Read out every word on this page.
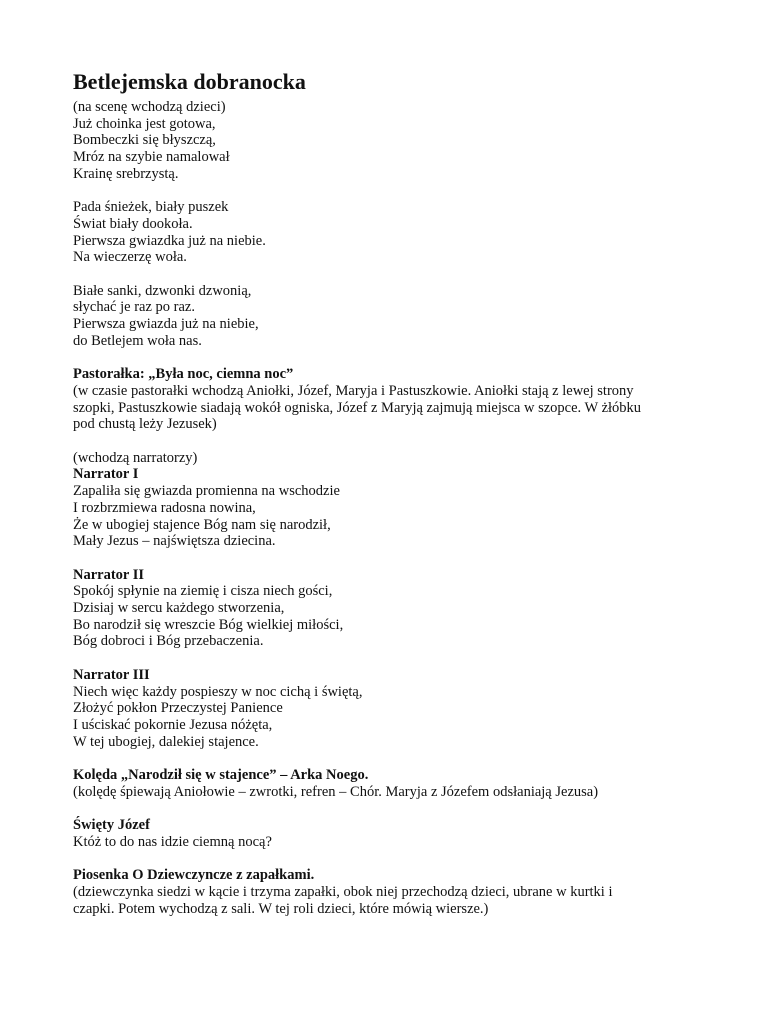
Betlejemska dobranocka
(na scenę wchodzą dzieci)
Już choinka jest gotowa,
Bombeczki się błyszczą,
Mróz na szybie namalował
Krainę srebrzystą.
Pada śnieżek, biały puszek
Świat biały dookoła.
Pierwsza gwiazdka już na niebie.
Na wieczerzę woła.
Białe sanki, dzwonki dzwonią,
słychać je raz po raz.
Pierwsza gwiazda już na niebie,
do Betlejem woła nas.
Pastorałka: „Była noc, ciemna noc”
(w czasie pastorałki wchodzą Aniołki, Józef, Maryja i Pastuszkowie. Aniołki stają z lewej strony
szopki, Pastuszkowie siadają wokół ogniska, Józef z Maryją zajmują miejsca w szopce. W żłóbku
pod chustą leży Jezusek)
(wchodzą narratorzy)
Narrator I
Zapaliła się gwiazda promienna na wschodzie
I rozbrzmiewa radosna nowina,
Że w ubogiej stajence Bóg nam się narodził,
Mały Jezus – najświętsza dziecina.
Narrator II
Spokój spłynie na ziemię i cisza niech gości,
Dzisiaj w sercu każdego stworzenia,
Bo narodził się wreszcie Bóg wielkiej miłości,
Bóg dobroci i Bóg przebaczenia.
Narrator III
Niech więc każdy pospieszy w noc cichą i świętą,
Złożyć pokłon Przeczystej Panience
I uściskać pokornie Jezusa nóżęta,
W tej ubogiej, dalekiej stajence.
Kolęda „Narodził się w stajence” – Arka Noego.
(kolędę śpiewają Aniołowie – zwrotki, refren – Chór. Maryja z Józefem odsłaniają Jezusa)
Święty Józef
Któż to do nas idzie ciemną nocą?
Piosenka O Dziewczyncze z zapałkami.
(dziewczynka siedzi w kącie i trzyma zapałki, obok niej przechodzą dzieci, ubrane w kurtki i
czapki. Potem wychodzą z sali. W tej roli dzieci, które mówią wiersze.)
